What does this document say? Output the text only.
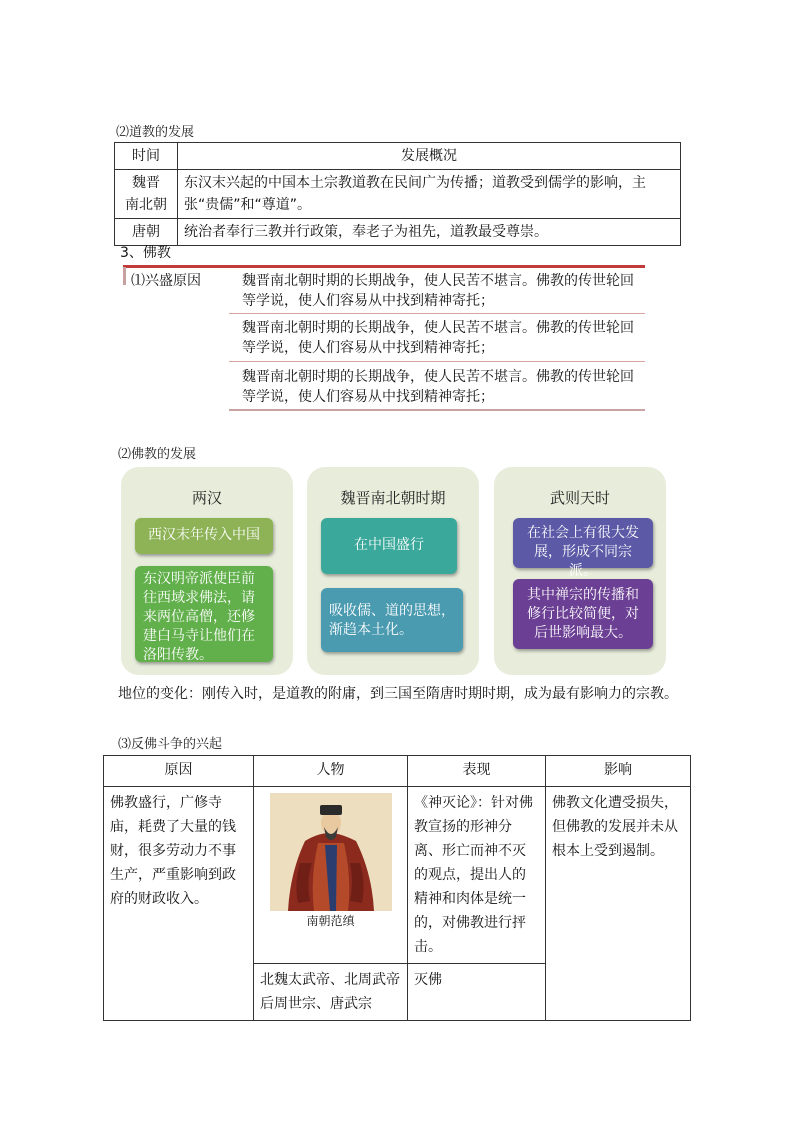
⑵道教的发展
时间	发展概况

魏晋
南北朝	东汉末兴起的中国本土宗教道教在民间广为传播；道教受到儒学的影响，主张“贵儒”和“尊道”。
唐朝	统治者奉行三教并行政策，奉老子为祖先，道教最受尊崇。
3、佛教
⑴兴盛原因	魏晋南北朝时期的长期战争，使人民苦不堪言。佛教的传世轮回等学说，使人们容易从中找到精神寄托；
魏晋南北朝时期的长期战争，使人民苦不堪言。佛教的传世轮回等学说，使人们容易从中找到精神寄托；
魏晋南北朝时期的长期战争，使人民苦不堪言。佛教的传世轮回等学说，使人们容易从中找到精神寄托；
⑵佛教的发展
两汉
西汉末年传入中国
东汉明帝派使臣前往西域求佛法，请来两位高僧，还修建白马寺让他们在洛阳传教。
魏晋南北朝时期
在中国盛行
吸收儒、道的思想，渐趋本土化。
武则天时
在社会上有很大发展，形成不同宗派。
其中禅宗的传播和修行比较简便，对后世影响最大。
地位的变化：刚传入时，是道教的附庸，到三国至隋唐时期时期，成为最有影响力的宗教。
⑶反佛斗争的兴起
原因	人物	表现	影响
佛教盛行，广修寺庙，耗费了大量的钱财，很多劳动力不事生产，严重影响到政府的财政收入。	南朝范缜	《神灭论》：针对佛教宣扬的形神分离、形亡而神不灭的观点，提出人的精神和肉体是统一的，对佛教进行抨击。	佛教文化遭受损失，但佛教的发展并未从根本上受到遏制。
	北魏太武帝、北周武帝后周世宗、唐武宗	灭佛	
